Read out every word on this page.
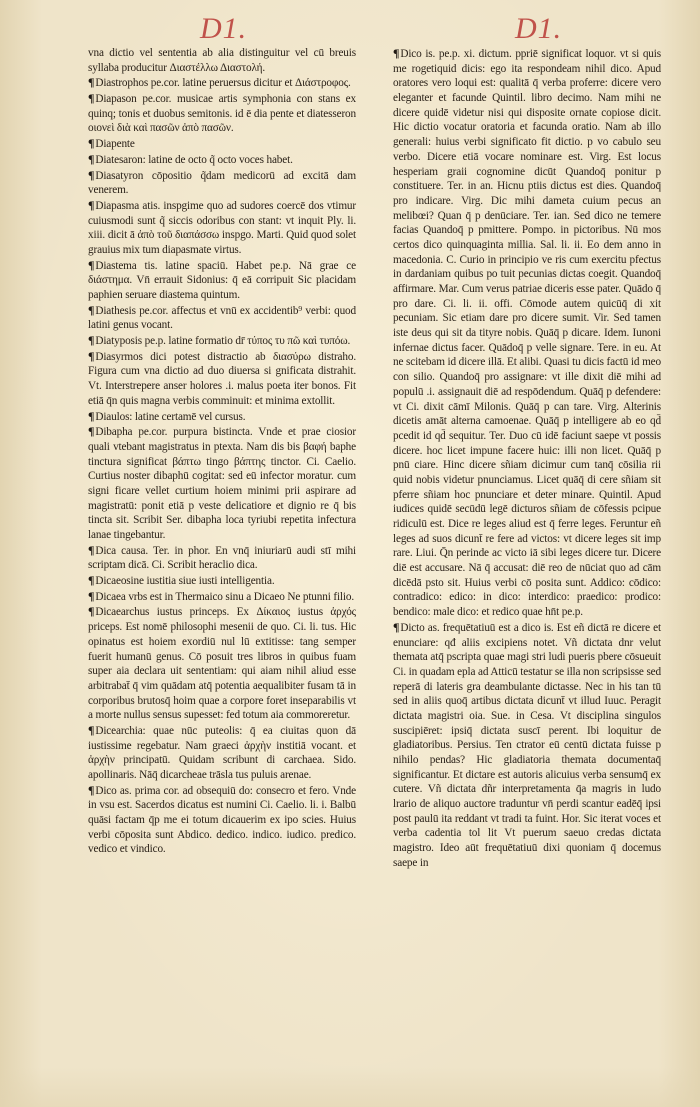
D1.	D1.

vna dictio vel sententia ab alia distinguitur vel cū breuis syllaba producitur Διαστέλλω Διαστολή.

¶Diastrophos pe.cor. latine peruersus dicitur et Διάστροφος.

¶Diapason pe.cor. musicae artis symphonia con stans ex quinq; tonis et duobus semitonis. id ē dia pente et diatesseron οιονεὶ διὰ καὶ πασῶν ἀπὸ πασῶν.

¶Diapente

¶Diatesaron: latine de octo q̃ octo voces habet.

¶Diasatyron cōpositio q̃dam medicorū ad excitā dam venerem.

¶Diapasma atis. inspgime quo ad sudores coercē dos vtimur cuiusmodi sunt q̃ siccis odoribus con stant: vt inquit Ply. li. xiii. dicit ā ἀπὸ τοῦ διαπάσσω inspgo. Marti. Quid quod solet grauius mix tum diapasmate virtus.

¶Diastema tis. latine spaciū. Habet pe.p. Nā grae ce διάστημα. Vn̄ errauit Sidonius: q̄ eā corripuit Sic placidam paphien seruare diastema quintum.

¶Diathesis pe.cor. affectus et vnū ex accidentib⁹ verbi: quod latini genus vocant.

¶Diatyposis pe.p. latine formatio dr̄ τύπος τυ πῶ καὶ τυπόω.

¶Diasyrmos dici potest distractio ab διασύρω distraho. Figura cum vna dictio ad duo diuersa si gnificata distrahit. Vt. Interstrepere anser holores .i. malus poeta iter bonos. Fit etiā q̄n quis magna verbis comminuit: et minima extollit.

¶Diaulos: latine certamē vel cursus.

¶Dibapha pe.cor. purpura bistincta. Vnde et prae ciosior quali vtebant magistratus in ptexta. Nam dis bis βαφή baphe tinctura significat βάπτω tingo βάπτης tinctor. Ci. Caelio. Curtius noster dibaphū cogitat: sed eū infector moratur. cum signi ficare vellet curtium hoiem minimi prii aspirare ad magistratū: ponit etiā p veste delicatiore et dignio re q̄ bis tincta sit. Scribit Ser. dibapha loca tyriubi repetita infectura lanae tingebantur.

¶Dica causa. Ter. in phor. En vnq̄ iniuriarū audi stī mihi scriptam dicā. Ci. Scribit heraclio dica.

¶Dicaeosine iustitia siue iusti intelligentia.

¶Dicaea vrbs est in Thermaico sinu a Dicaeo Ne ptunni filio.

¶Dicaearchus iustus princeps. Ex Δίκαιος iustus ἀρχός priceps. Est nomē philosophi mesenii de quo. Ci. li. tus. Hic opinatus est hoiem exordiū nul lū extitisse: tang semper fuerit humanū genus. Cō posuit tres libros in quibus fuam super aia declara uit sententiam: qui aiam nihil aliud esse arbitrabat̄ q̄ vim quādam atq̄ potentia aequalibiter fusam tā in corporibus brutosq̄ hoim quae a corpore foret inseparabilis vt a morte nullus sensus supesset: fed totum aia commoreretur.

¶Dicearchia: quae nūc puteolis: q̄ ea ciuitas quon dā iustissime regebatur. Nam graeci ἀρχὴν institiā vocant. et ἀρχὴν principatū. Quidam scribunt di carchaea. Sido. apollinaris. Nāq̄ dicarcheae trāsla tus puluis arenae.

¶Dico as. prima cor. ad obsequiū do: consecro et fero. Vnde in vsu est. Sacerdos dicatus est numini Ci. Caelio. li. i. Balbū quāsi factam q̄p me ei totum dicauerim ex ipo scies. Huius verbi cōposita sunt Abdico. dedico. indico. iudico. predico. vedico et vindico.

¶Dico is. pe.p. xi. dictum. ppriē significat loquor. vt si quis me rogetiquid dicis: ego ita respondeam nihil dico. Apud oratores vero loqui est: qualitā q̄ verba proferre: dicere vero eleganter et facunde Quintil. libro decimo. Nam mihi ne dicere quidē videtur nisi qui disposite ornate copiose dicit. Hic dictio vocatur oratoria et facunda oratio. Nam ab illo generali: huius verbi significato fit dictio. p vo cabulo seu verbo. Dicere etiā vocare nominare est. Virg. Est locus hesperiam graii cognomine dicūt Quandoq̄ ponitur p constituere. Ter. in an. Hicnu ptiis dictus est dies. Quandoq̄ pro indicare. Virg. Dic mihi dameta cuium pecus an melibœi? Quan q̄ p denūciare. Ter. ian. Sed dico ne temere facias Quandoq̄ p pmittere. Pompo. in pictoribus. Nū mos certos dico quinquaginta millia. Sal. li. ii. Eo dem anno in macedonia. C. Curio in principio ve ris cum exercitu pfectus in dardaniam quibus po tuit pecunias dictas coegit. Quandoq̄ affirmare. Mar. Cum verus patriae diceris esse pater. Quādo q̄ pro dare. Ci. li. ii. offi. Cōmode autem quicūq̄ di xit pecuniam. Sic etiam dare pro dicere sumit. Vir. Sed tamen iste deus qui sit da tityre nobis. Quāq̄ p dicare. Idem. Iunoni infernae dictus facer. Quādoq̄ p velle signare. Tere. in eu. At ne scitebam id dicere illā. Et alibi. Quasi tu dicis factū id meo con silio. Quandoq̄ pro assignare: vt ille dixit diē mihi ad populū .i. assignauit diē ad respōdendum. Quāq̄ p defendere: vt Ci. dixit cāmī Milonis. Quāq̄ p can tare. Virg. Alterinis dicetis amāt alterna camoenae. Quāq̄ p intelligere ab eo qd̄ pcedit id qd̄ sequitur. Ter. Duo cū idē faciunt saepe vt possis dicere. hoc licet impune facere huic: illi non licet. Quāq̄ p pnū ciare. Hinc dicere sñiam dicimur cum tanq̄ cōsilia rii quid nobis videtur pnunciamus. Licet quāq̄ di cere sñiam sit pferre sñiam hoc pnunciare et deter minare. Quintil. Apud iudices quidē secūdū legē dicturos sñiam de cōfessis pcipue ridiculū est. Dice re leges aliud est q̄ ferre leges. Feruntur eñ leges ad suos dicunt̄ re fere ad victos: vt dicere leges sit imp rare. Liui. Q̄n perinde ac victo iā sibi leges dicere tur. Dicere diē est accusare. Nā q̄ accusat: diē reo de nūciat quo ad cām dicēdā psto sit. Huius verbi cō posita sunt. Addico: cōdico: contradico: edico: in dico: interdico: praedico: prodico: bendico: male dico: et redico quae hn̄t pe.p.

¶Dicto as. frequētatiuū est a dico is. Est eñ dictā re dicere et enunciare: qđ aliis excipiens notet. Vñ dictata dnr velut themata atq̄ pscripta quae magi stri ludi pueris pbere cōsueuit Ci. in quadam epla ad Atticū testatur se illa non scripsisse sed reperā di lateris gra deambulante dictasse. Nec in his tan tū sed in aliis quoq̄ artibus dictata dicunt̄ vt illud Iuuc. Peragit dictata magistri oia. Sue. in Cesa. Vt disciplina singulos suscipiēret: ipsiq̄ dictata suscī perent. Ibi loquitur de gladiatoribus. Persius. Ten ctrator eū centū dictata fuisse p nihilo pendas? Hic gladiatoria themata documentaq̄ significantur. Et dictare est autoris alicuius verba sensumq̄ ex cutere. Vñ dictata dñr interpretamenta q̄a magris in ludo lrario de aliquo auctore traduntur vn̄ perdi scantur eadēq̄ ipsi post paulū ita reddant vt tradi ta fuint. Hor. Sic iterat voces et verba cadentia tol lit Vt puerum saeuo credas dictata magistro. Ideo aūt frequētatiuū dixi quoniam q̄ docemus saepe in
